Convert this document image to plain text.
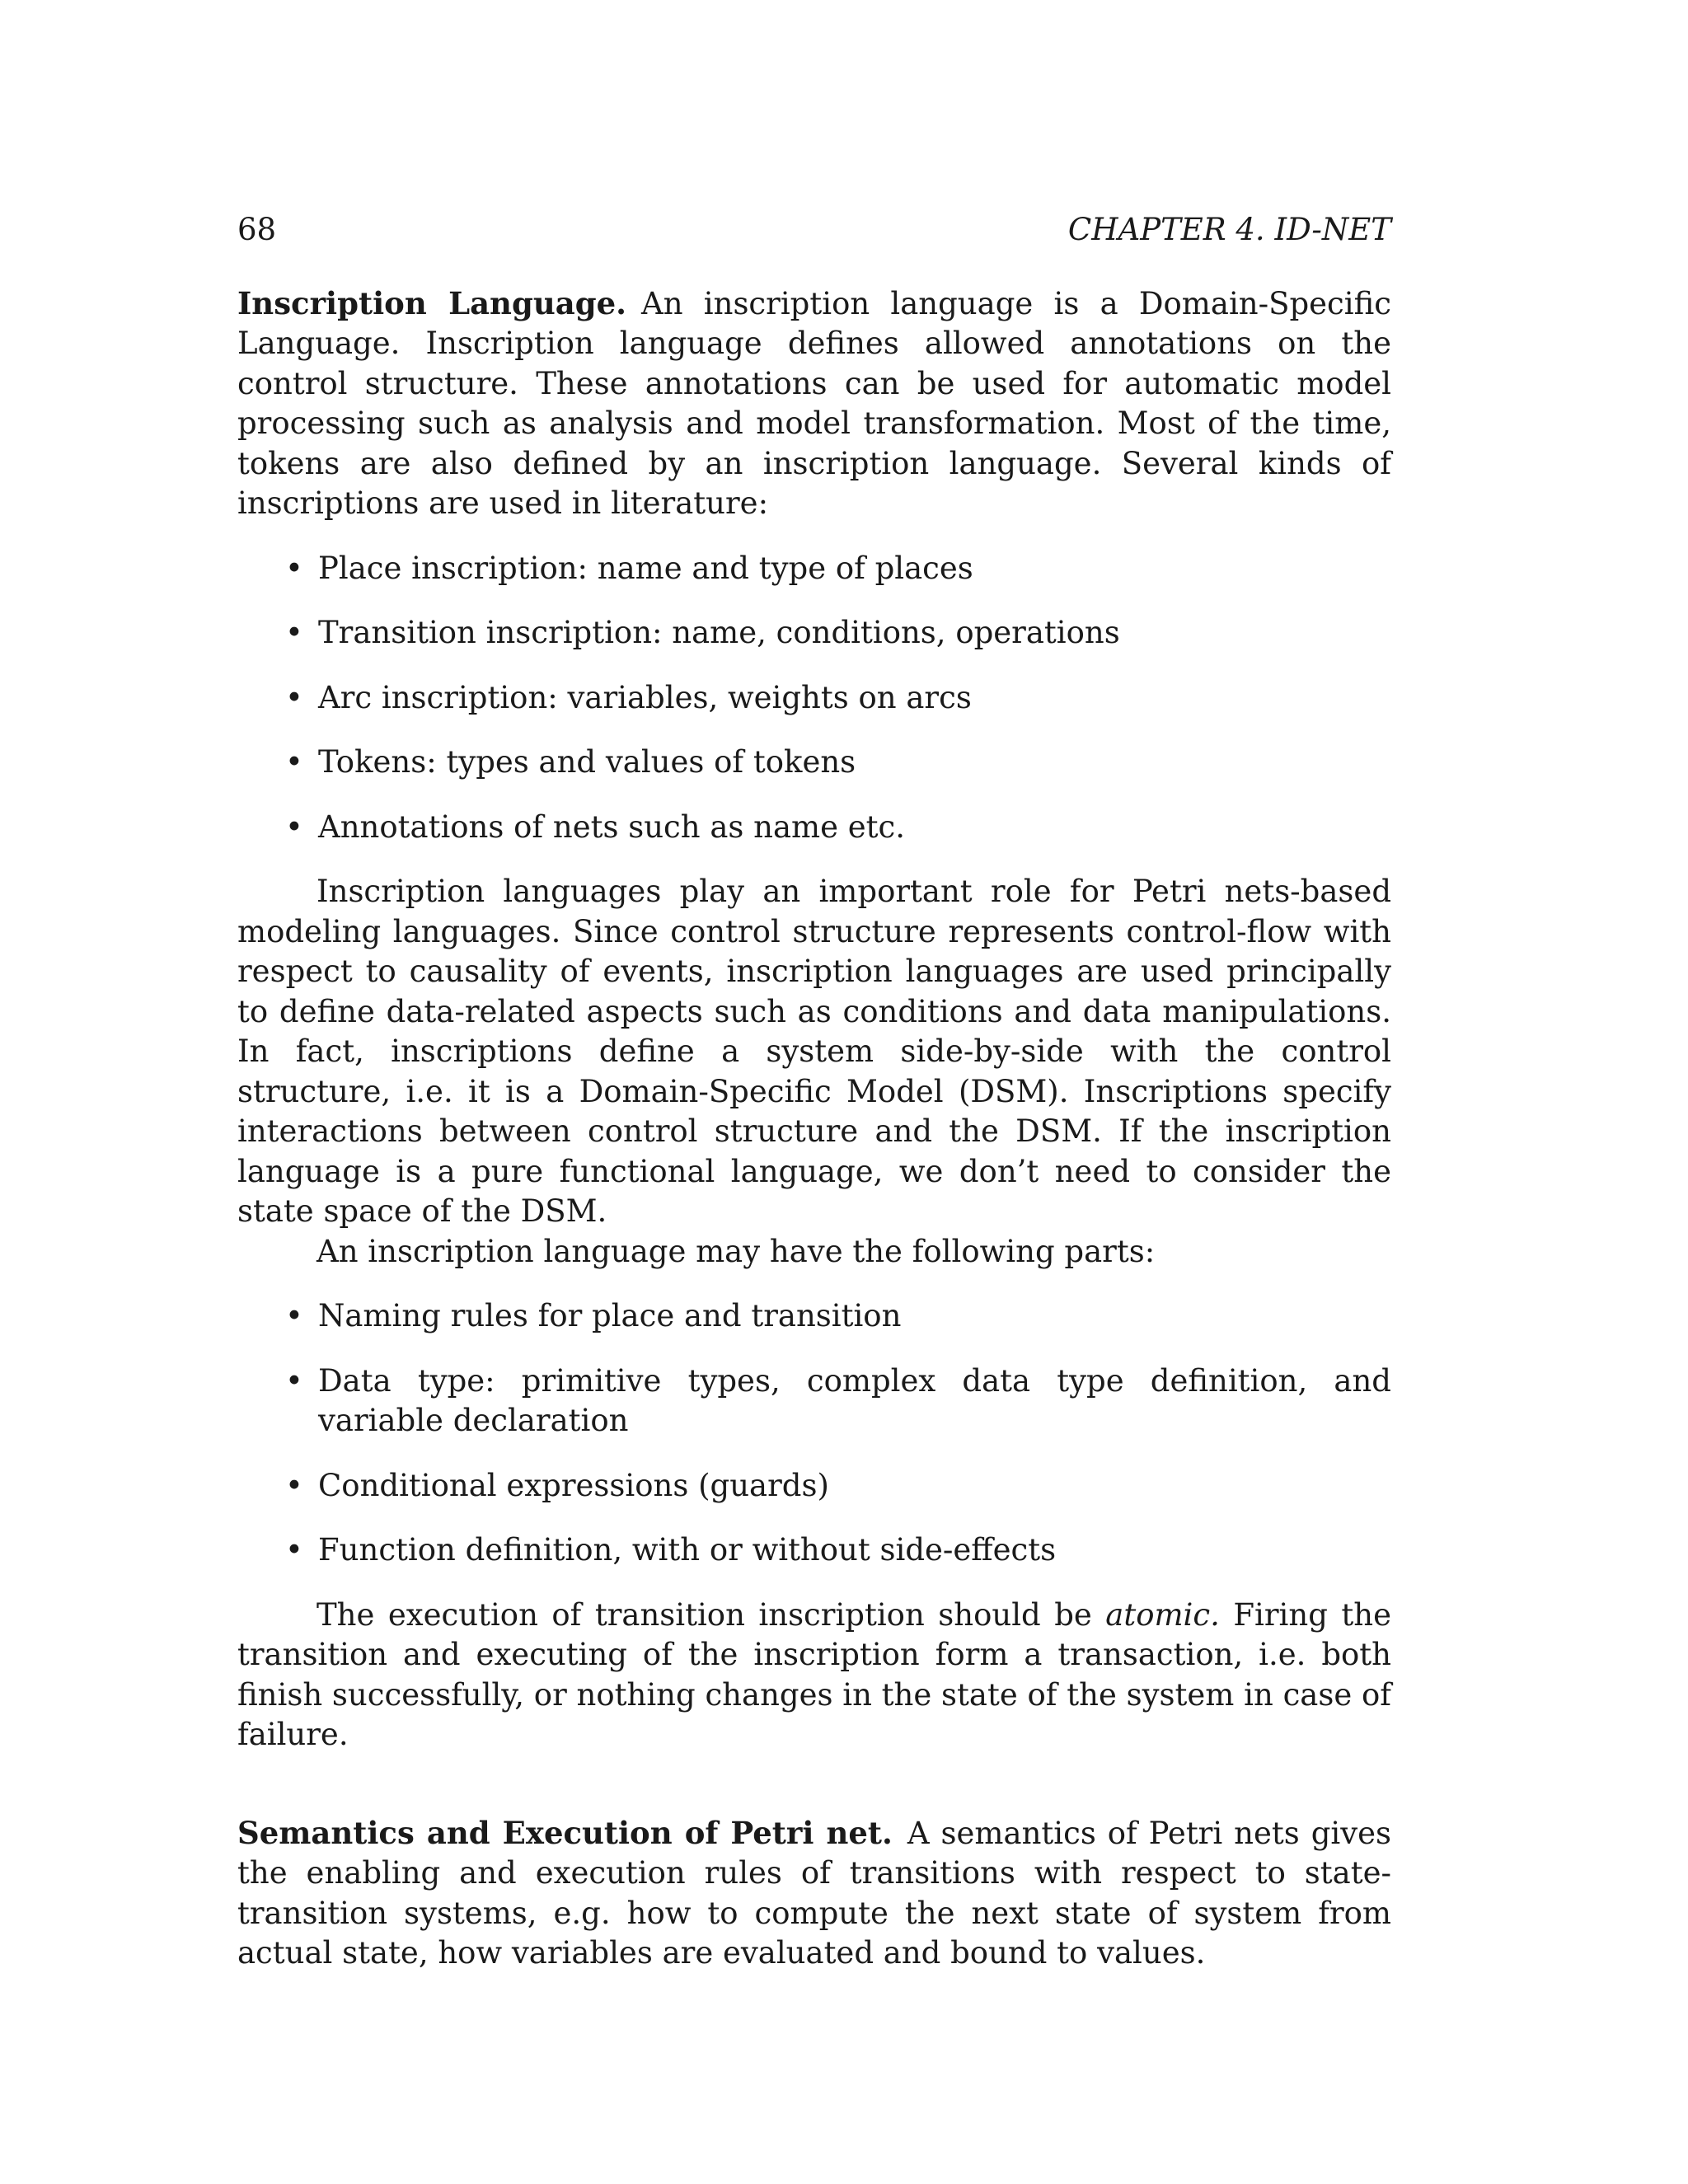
68	CHAPTER 4. ID-NET

Inscription Language. An inscription language is a Domain-Specific Language. Inscription language defines allowed annotations on the control structure. These annotations can be used for automatic model processing such as analysis and model transformation. Most of the time, tokens are also defined by an inscription language. Several kinds of inscriptions are used in literature:

• Place inscription: name and type of places
• Transition inscription: name, conditions, operations
• Arc inscription: variables, weights on arcs
• Tokens: types and values of tokens
• Annotations of nets such as name etc.

Inscription languages play an important role for Petri nets-based modeling languages. Since control structure represents control-flow with respect to causality of events, inscription languages are used principally to define data-related aspects such as conditions and data manipulations. In fact, inscriptions define a system side-by-side with the control structure, i.e. it is a Domain-Specific Model (DSM). Inscriptions specify interactions between control structure and the DSM. If the inscription language is a pure functional language, we don’t need to consider the state space of the DSM.

An inscription language may have the following parts:

• Naming rules for place and transition
• Data type: primitive types, complex data type definition, and variable declaration
• Conditional expressions (guards)
• Function definition, with or without side-effects

The execution of transition inscription should be atomic. Firing the transition and executing of the inscription form a transaction, i.e. both finish successfully, or nothing changes in the state of the system in case of failure.

Semantics and Execution of Petri net. A semantics of Petri nets gives the enabling and execution rules of transitions with respect to state-transition systems, e.g. how to compute the next state of system from actual state, how variables are evaluated and bound to values.
